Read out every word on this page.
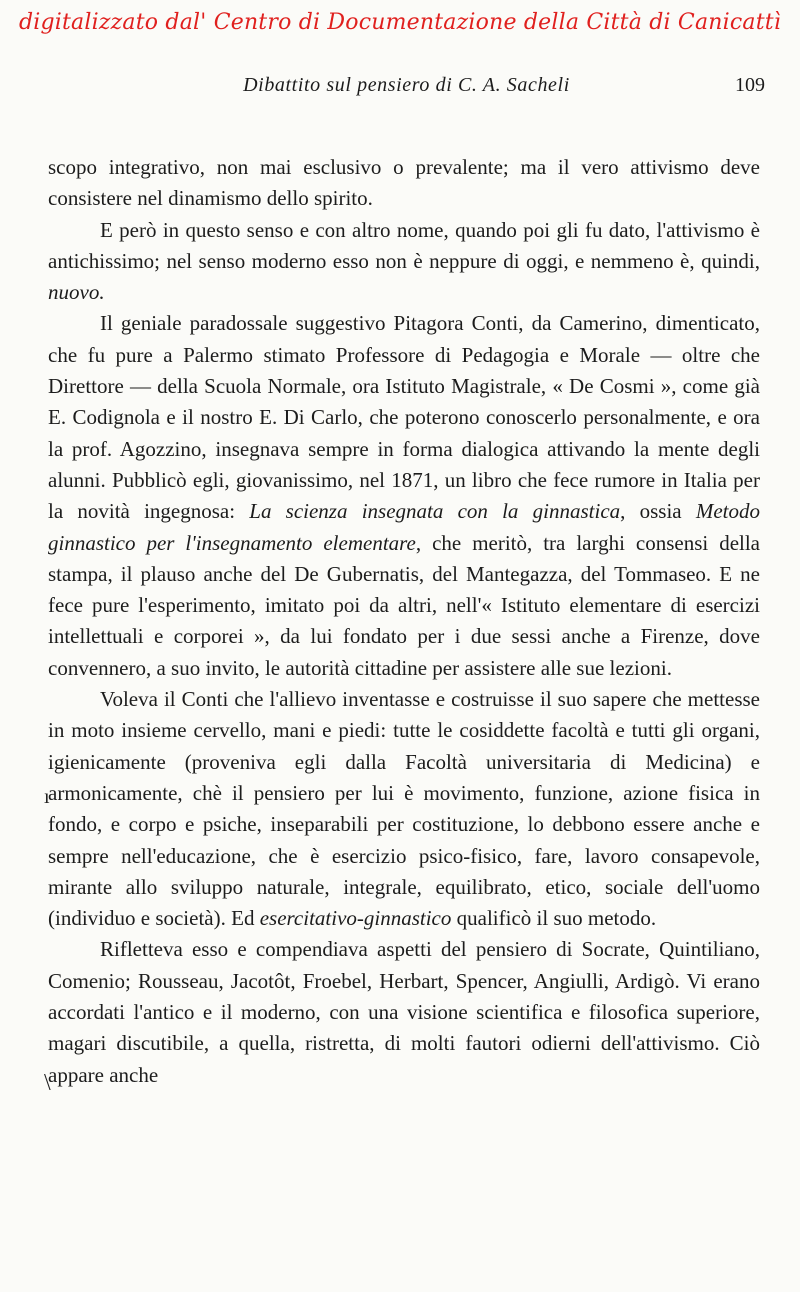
digitalizzato dal' Centro di Documentazione della Città di Canicattì
Dibattito sul pensiero di C. A. Sacheli	109
ı
\

scopo integrativo, non mai esclusivo o prevalente; ma il vero attivismo deve consistere nel dinamismo dello spirito.

E però in questo senso e con altro nome, quando poi gli fu dato, l'attivismo è antichissimo; nel senso moderno esso non è neppure di oggi, e nemmeno è, quindi, nuovo.

Il geniale paradossale suggestivo Pitagora Conti, da Camerino, dimenticato, che fu pure a Palermo stimato Professore di Pedagogia e Morale — oltre che Direttore — della Scuola Normale, ora Istituto Magistrale, « De Cosmi », come già E. Codignola e il nostro E. Di Carlo, che poterono conoscerlo personalmente, e ora la prof. Agozzino, insegnava sempre in forma dialogica attivando la mente degli alunni. Pubblicò egli, giovanissimo, nel 1871, un libro che fece rumore in Italia per la novità ingegnosa: La scienza insegnata con la ginnastica, ossia Metodo ginnastico per l'insegnamento elementare, che meritò, tra larghi consensi della stampa, il plauso anche del De Gubernatis, del Mantegazza, del Tommaseo. E ne fece pure l'esperimento, imitato poi da altri, nell'« Istituto elementare di esercizi intellettuali e corporei », da lui fondato per i due sessi anche a Firenze, dove convennero, a suo invito, le autorità cittadine per assistere alle sue lezioni.

Voleva il Conti che l'allievo inventasse e costruisse il suo sapere che mettesse in moto insieme cervello, mani e piedi: tutte le cosiddette facoltà e tutti gli organi, igienicamente (proveniva egli dalla Facoltà universitaria di Medicina) e armonicamente, chè il pensiero per lui è movimento, funzione, azione fisica in fondo, e corpo e psiche, inseparabili per costituzione, lo debbono essere anche e sempre nell'educazione, che è esercizio psico-fisico, fare, lavoro consapevole, mirante allo sviluppo naturale, integrale, equilibrato, etico, sociale dell'uomo (individuo e società). Ed esercitativo-ginnastico qualificò il suo metodo.

Rifletteva esso e compendiava aspetti del pensiero di Socrate, Quintiliano, Comenio; Rousseau, Jacotôt, Froebel, Herbart, Spencer, Angiulli, Ardigò. Vi erano accordati l'antico e il moderno, con una visione scientifica e filosofica superiore, magari discutibile, a quella, ristretta, di molti fautori odierni dell'attivismo. Ciò appare anche
